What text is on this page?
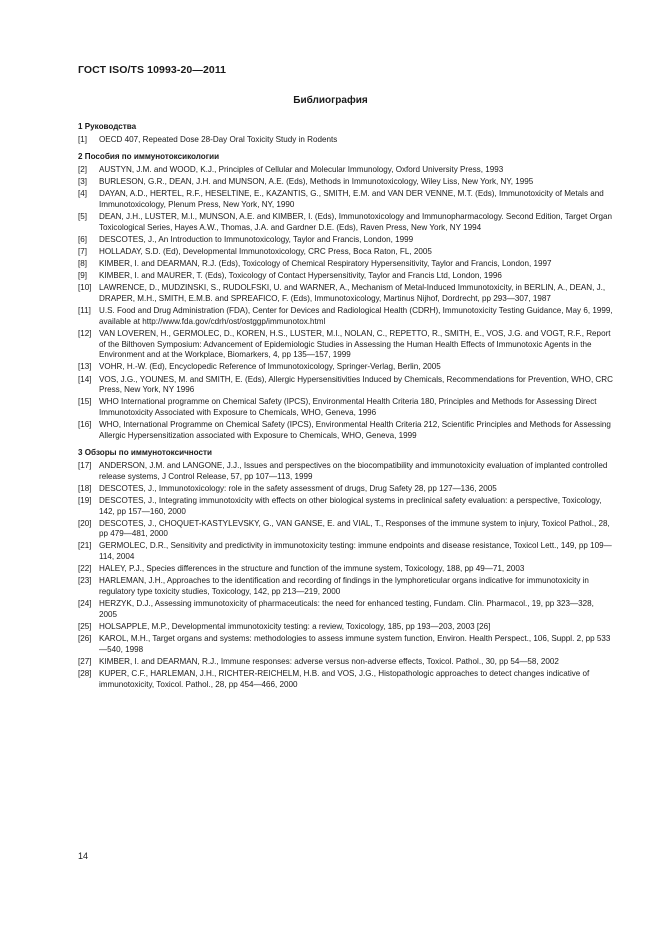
ГОСТ ISO/TS 10993-20—2011
Библиография
1 Руководства
[1]	OECD 407, Repeated Dose 28-Day Oral Toxicity Study in Rodents
2 Пособия по иммунотоксикологии
[2]	AUSTYN, J.M. and WOOD, K.J., Principles of Cellular and Molecular Immunology, Oxford University Press, 1993
[3]	BURLESON, G.R., DEAN, J.H. and MUNSON, A.E. (Eds), Methods in Immunotoxicology, Wiley Liss, New York, NY, 1995
[4]	DAYAN, A.D., HERTEL, R.F., HESELTINE, E., KAZANTIS, G., SMITH, E.M. and VAN DER VENNE, M.T. (Eds), Immunotoxicity of Metals and Immunotoxicology, Plenum Press, New York, NY, 1990
[5]	DEAN, J.H., LUSTER, M.I., MUNSON, A.E. and KIMBER, I. (Eds), Immunotoxicology and Immunopharmacology. Second Edition, Target Organ Toxicological Series, Hayes A.W., Thomas, J.A. and Gardner D.E. (Eds), Raven Press, New York, NY 1994
[6]	DESCOTES, J., An Introduction to Immunotoxicology, Taylor and Francis, London, 1999
[7]	HOLLADAY, S.D. (Ed), Developmental Immunotoxicology, CRC Press, Boca Raton, FL, 2005
[8]	KIMBER, I. and DEARMAN, R.J. (Eds), Toxicology of Chemical Respiratory Hypersensitivity, Taylor and Francis, London, 1997
[9]	KIMBER, I. and MAURER, T. (Eds), Toxicology of Contact Hypersensitivity, Taylor and Francis Ltd, London, 1996
[10] LAWRENCE, D., MUDZINSKI, S., RUDOLFSKI, U. and WARNER, A., Mechanism of Metal-Induced Immunotoxicity, in BERLIN, A., DEAN, J., DRAPER, M.H., SMITH, E.M.B. and SPREAFICO, F. (Eds), Immunotoxicology, Martinus Nijhof, Dordrecht, pp 293—307, 1987
[11] U.S. Food and Drug Administration (FDA), Center for Devices and Radiological Health (CDRH), Immunotoxicity Testing Guidance, May 6, 1999, available at http://www.fda.gov/cdrh/ost/ostggp/immunotox.html
[12] VAN LOVEREN, H., GERMOLEC, D., KOREN, H.S., LUSTER, M.I., NOLAN, C., REPETTO, R., SMITH, E., VOS, J.G. and VOGT, R.F., Report of the Bilthoven Symposium: Advancement of Epidemiologic Studies in Assessing the Human Health Effects of Immunotoxic Agents in the Environment and at the Workplace, Biomarkers, 4, pp 135—157, 1999
[13] VOHR, H.-W. (Ed), Encyclopedic Reference of Immunotoxicology, Springer-Verlag, Berlin, 2005
[14] VOS, J.G., YOUNES, M. and SMITH, E. (Eds), Allergic Hypersensitivities Induced by Chemicals, Recommendations for Prevention, WHO, CRC Press, New York, NY 1996
[15] WHO International programme on Chemical Safety (IPCS), Environmental Health Criteria 180, Principles and Methods for Assessing Direct Immunotoxicity Associated with Exposure to Chemicals, WHO, Geneva, 1996
[16] WHO, International Programme on Chemical Safety (IPCS), Environmental Health Criteria 212, Scientific Principles and Methods for Assessing Allergic Hypersensitization associated with Exposure to Chemicals, WHO, Geneva, 1999
3 Обзоры по иммунотоксичности
[17] ANDERSON, J.M. and LANGONE, J.J., Issues and perspectives on the biocompatibility and immunotoxicity evaluation of implanted controlled release systems, J Control Release, 57, pp 107—113, 1999
[18] DESCOTES, J., Immunotoxicology: role in the safety assessment of drugs, Drug Safety 28, pp 127—136, 2005
[19] DESCOTES, J., Integrating immunotoxicity with effects on other biological systems in preclinical safety evaluation: a perspective, Toxicology, 142, pp 157—160, 2000
[20] DESCOTES, J., CHOQUET-KASTYLEVSKY, G., VAN GANSE, E. and VIAL, T., Responses of the immune system to injury, Toxicol Pathol., 28, pp 479—481, 2000
[21] GERMOLEC, D.R., Sensitivity and predictivity in immunotoxicity testing: immune endpoints and disease resistance, Toxicol Lett., 149, pp 109—114, 2004
[22] HALEY, P.J., Species differences in the structure and function of the immune system, Toxicology, 188, pp 49—71, 2003
[23] HARLEMAN, J.H., Approaches to the identification and recording of findings in the lymphoreticular organs indicative for immunotoxicity in regulatory type toxicity studies, Toxicology, 142, pp 213—219, 2000
[24] HERZYK, D.J., Assessing immunotoxicity of pharmaceuticals: the need for enhanced testing, Fundam. Clin. Pharmacol., 19, pp 323—328, 2005
[25] HOLSAPPLE, M.P., Developmental immunotoxicity testing: a review, Toxicology, 185, pp 193—203, 2003 [26]
[26] KAROL, M.H., Target organs and systems: methodologies to assess immune system function, Environ. Health Perspect., 106, Suppl. 2, pp 533—540, 1998
[27] KIMBER, I. and DEARMAN, R.J., Immune responses: adverse versus non-adverse effects, Toxicol. Pathol., 30, pp 54—58, 2002
[28] KUPER, C.F., HARLEMAN, J.H., RICHTER-REICHELM, H.B. and VOS, J.G., Histopathologic approaches to detect changes indicative of immunotoxicity, Toxicol. Pathol., 28, pp 454—466, 2000
14
